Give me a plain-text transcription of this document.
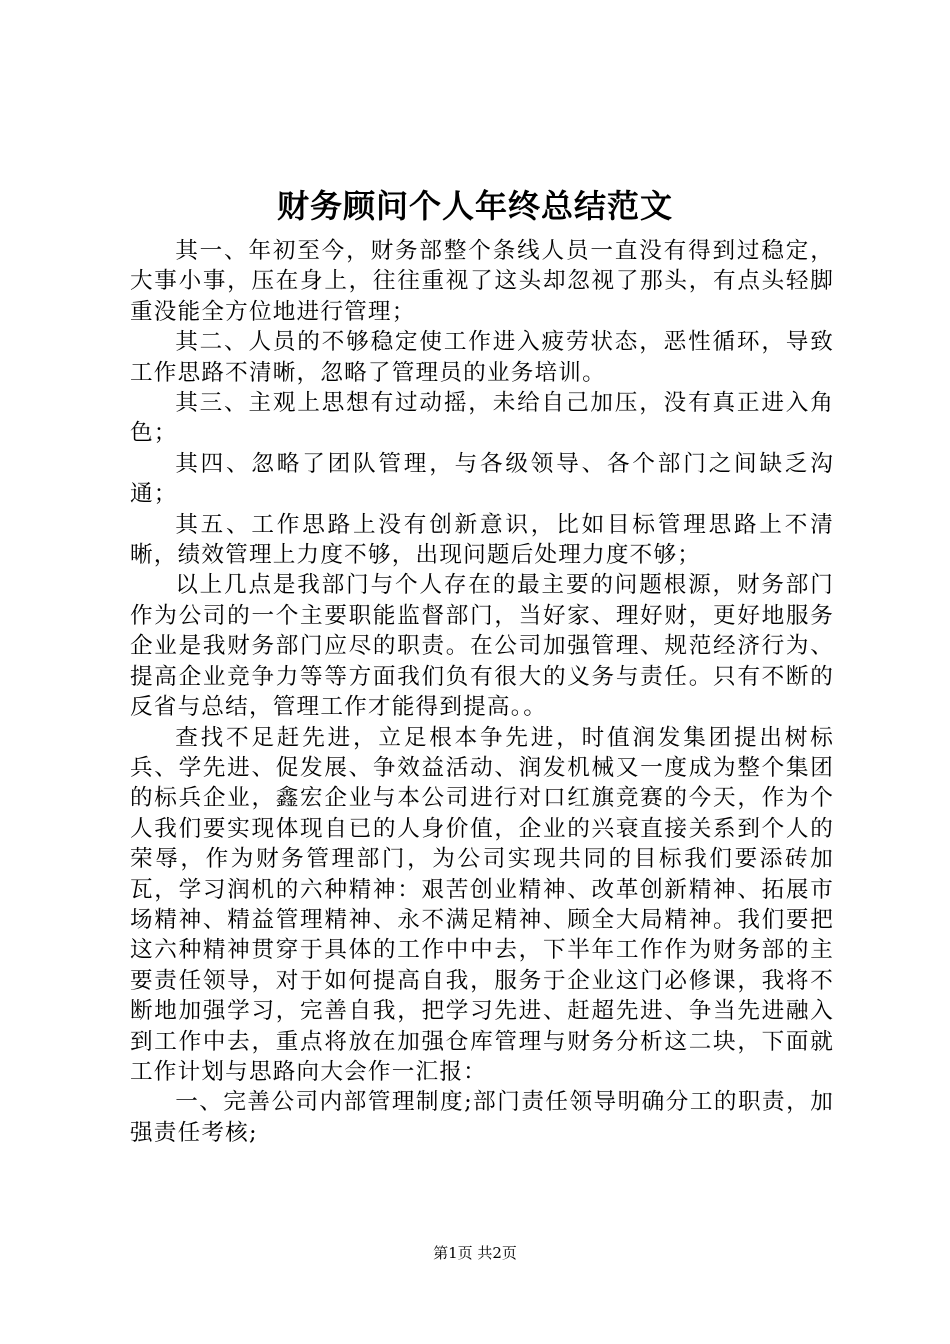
财务顾问个人年终总结范文

其一、年初至今，财务部整个条线人员一直没有得到过稳定，大事小事，压在身上，往往重视了这头却忽视了那头，有点头轻脚重没能全方位地进行管理；

其二、人员的不够稳定使工作进入疲劳状态，恶性循环，导致工作思路不清晰，忽略了管理员的业务培训。

其三、主观上思想有过动摇，未给自己加压，没有真正进入角色；

其四、忽略了团队管理，与各级领导、各个部门之间缺乏沟通；

其五、工作思路上没有创新意识，比如目标管理思路上不清晰，绩效管理上力度不够，出现问题后处理力度不够；

以上几点是我部门与个人存在的最主要的问题根源，财务部门作为公司的一个主要职能监督部门，当好家、理好财，更好地服务企业是我财务部门应尽的职责。在公司加强管理、规范经济行为、提高企业竞争力等等方面我们负有很大的义务与责任。只有不断的反省与总结，管理工作才能得到提高。。

查找不足赶先进，立足根本争先进，时值润发集团提出树标兵、学先进、促发展、争效益活动、润发机械又一度成为整个集团的标兵企业，鑫宏企业与本公司进行对口红旗竞赛的今天，作为个人我们要实现体现自已的人身价值，企业的兴衰直接关系到个人的荣辱，作为财务管理部门，为公司实现共同的目标我们要添砖加瓦，学习润机的六种精神：艰苦创业精神、改革创新精神、拓展市场精神、精益管理精神、永不满足精神、顾全大局精神。我们要把这六种精神贯穿于具体的工作中中去，下半年工作作为财务部的主要责任领导，对于如何提高自我，服务于企业这门必修课，我将不断地加强学习，完善自我，把学习先进、赶超先进、争当先进融入到工作中去，重点将放在加强仓库管理与财务分析这二块，下面就工作计划与思路向大会作一汇报：

一、完善公司内部管理制度;部门责任领导明确分工的职责，加强责任考核;

第1页 共2页
